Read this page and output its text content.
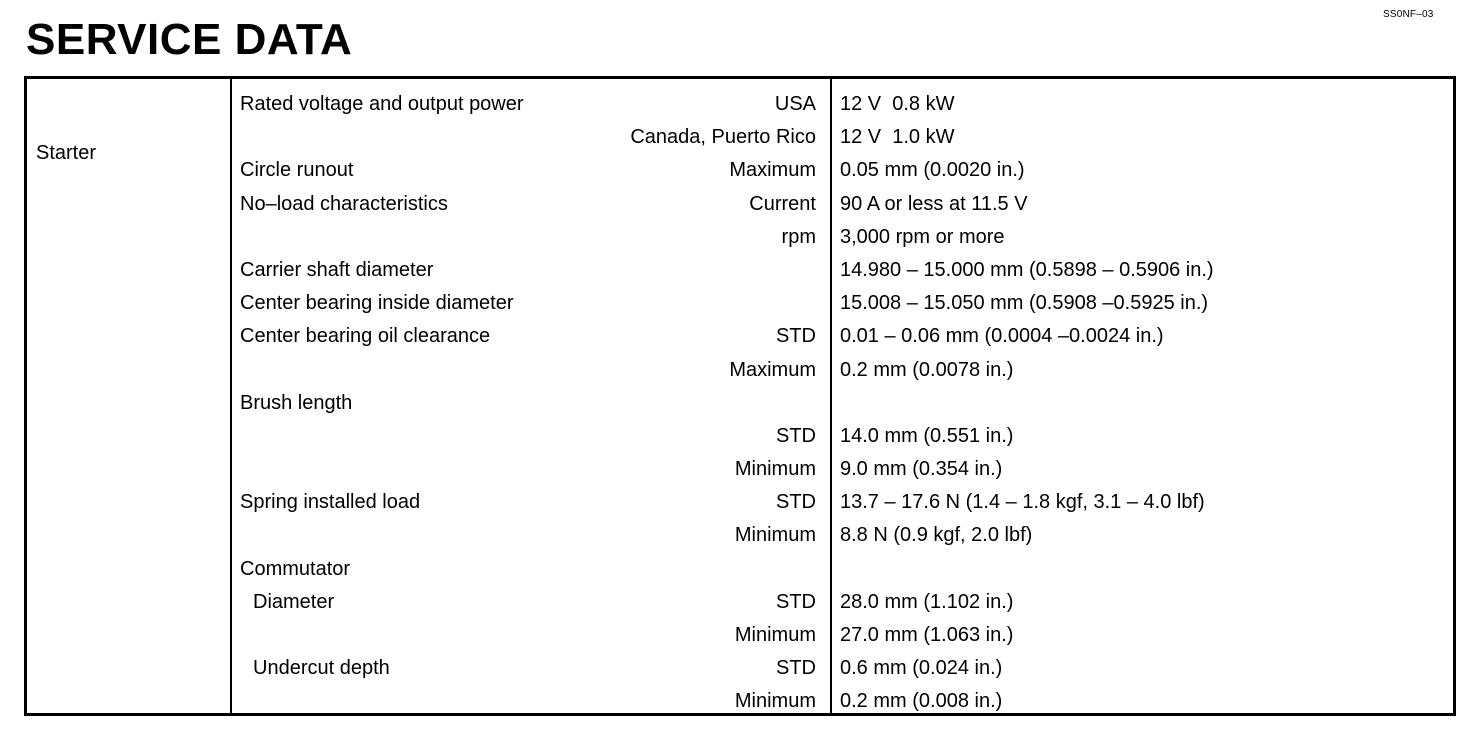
SS0NF–03
SERVICE DATA
Starter
Rated voltage and output power	USA 12 V  0.8 kW
Canada, Puerto Rico 12 V  1.0 kW
Circle runout	Maximum 0.05 mm (0.0020 in.)
No–load characteristics	Current 90 A or less at 11.5 V
rpm 3,000 rpm or more
Carrier shaft diameter	14.980 – 15.000 mm (0.5898 – 0.5906 in.)
Center bearing inside diameter	15.008 – 15.050 mm (0.5908 –0.5925 in.)
Center bearing oil clearance	STD 0.01 – 0.06 mm (0.0004 –0.0024 in.)
Maximum 0.2 mm (0.0078 in.)
Brush length
STD 14.0 mm (0.551 in.)
Minimum 9.0 mm (0.354 in.)
Spring installed load	STD 13.7 – 17.6 N (1.4 – 1.8 kgf, 3.1 – 4.0 lbf)
Minimum 8.8 N (0.9 kgf, 2.0 lbf)
Commutator
Diameter	STD 28.0 mm (1.102 in.)
Minimum 27.0 mm (1.063 in.)
Undercut depth	STD 0.6 mm (0.024 in.)
Minimum 0.2 mm (0.008 in.)
